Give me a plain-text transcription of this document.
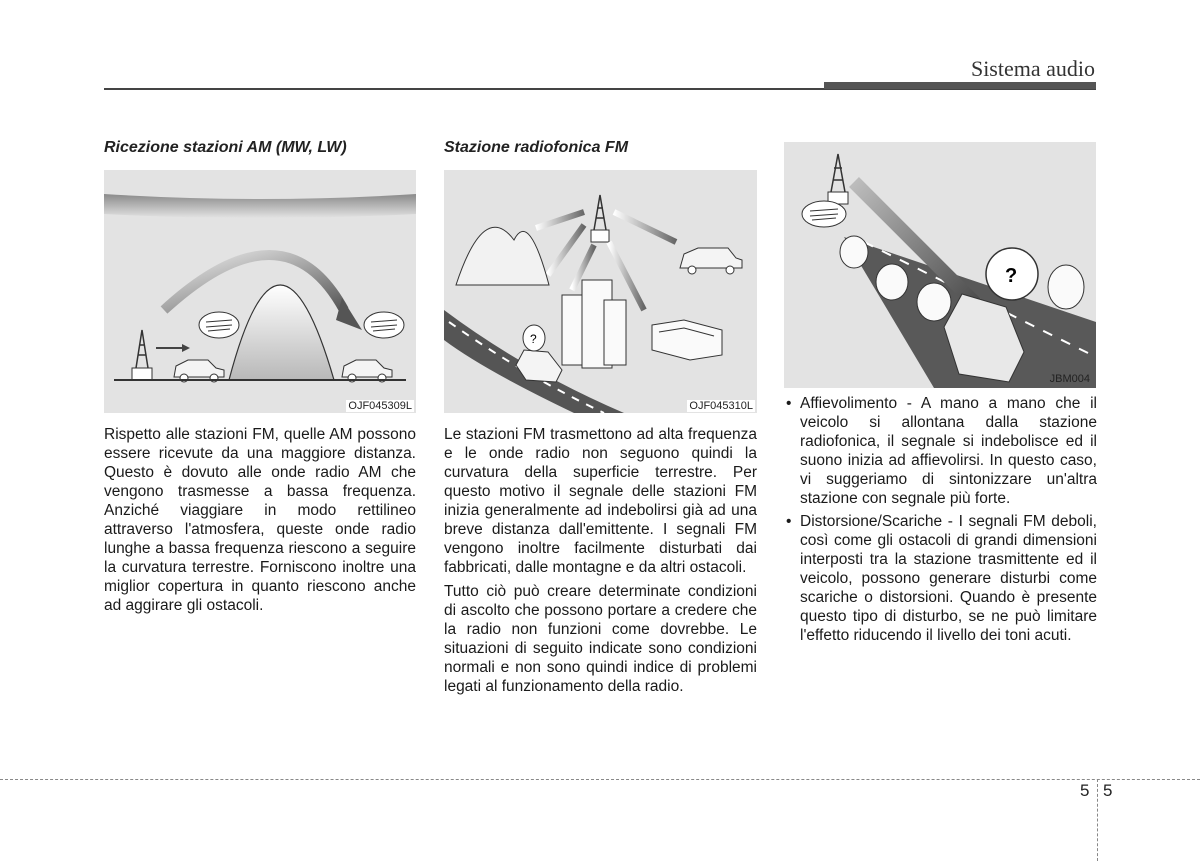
Sistema audio
Ricezione stazioni AM (MW, LW)
OJF045309L

Rispetto alle stazioni FM, quelle AM possono essere ricevute da una maggiore distanza. Questo è dovuto alle onde radio AM che vengono trasmesse a bassa frequenza. Anziché viaggiare in modo rettilineo attraverso l'atmosfera, queste onde radio lunghe a bassa frequenza riescono a seguire la curvatura terrestre. Forniscono inoltre una miglior copertura in quanto riescono anche ad aggirare gli ostacoli.

Stazione radiofonica FM
?
OJF045310L

Le stazioni FM trasmettono ad alta frequenza e le onde radio non seguono quindi la curvatura della superficie terrestre. Per questo motivo il segnale delle stazioni FM inizia generalmente ad indebolirsi già ad una breve distanza dall'emittente. I segnali FM vengono inoltre facilmente disturbati dai fabbricati, dalle montagne e da altri ostacoli.

Tutto ciò può creare determinate condizioni di ascolto che possono portare a credere che la radio non funzioni come dovrebbe. Le situazioni di seguito indicate sono condizioni normali e non sono quindi indice di problemi legati al funzionamento della radio.

?
JBM004
• Affievolimento - A mano a mano che il veicolo si allontana dalla stazione radiofonica, il segnale si indebolisce ed il suono inizia ad affievolirsi. In questo caso, vi suggeriamo di sintonizzare un'altra stazione con segnale più forte.
• Distorsione/Scariche - I segnali FM deboli, così come gli ostacoli di grandi dimensioni interposti tra la stazione trasmittente ed il veicolo, possono generare disturbi come scariche o distorsioni. Quando è presente questo tipo di disturbo, se ne può limitare l'effetto riducendo il livello dei toni acuti.
5 5
